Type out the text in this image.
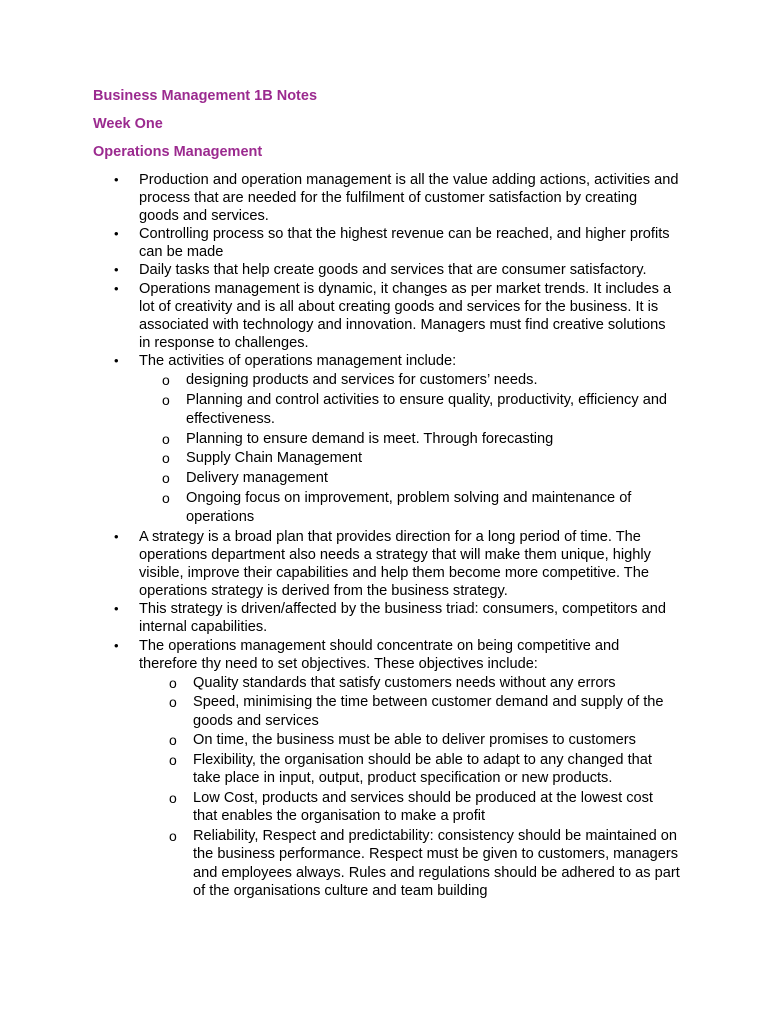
Business Management 1B Notes

Week One

Operations Management

•	Production and operation management is all the value adding actions, activities and process that are needed for the fulfilment of customer satisfaction by creating goods and services.
•	Controlling process so that the highest revenue can be reached, and higher profits can be made
•	Daily tasks that help create goods and services that are consumer satisfactory.
•	Operations management is dynamic, it changes as per market trends. It includes a lot of creativity and is all about creating goods and services for the business. It is associated with technology and innovation. Managers must find creative solutions in response to challenges.
•	The activities of operations management include:
o designing products and services for customers’ needs.
o Planning and control activities to ensure quality, productivity, efficiency and effectiveness.
o Planning to ensure demand is meet. Through forecasting
o Supply Chain Management
o Delivery management
o Ongoing focus on improvement, problem solving and maintenance of operations
•	A strategy is a broad plan that provides direction for a long period of time. The operations department also needs a strategy that will make them unique, highly visible, improve their capabilities and help them become more competitive. The operations strategy is derived from the business strategy.
•	This strategy is driven/affected by the business triad: consumers, competitors and internal capabilities.
•	The operations management should concentrate on being competitive and therefore thy need to set objectives. These objectives include:
o Quality standards that satisfy customers needs without any errors
o Speed, minimising the time between customer demand and supply of the goods and services
o On time, the business must be able to deliver promises to customers
o Flexibility, the organisation should be able to adapt to any changed that take place in input, output, product specification or new products.
o Low Cost, products and services should be produced at the lowest cost that enables the organisation to make a profit
o Reliability, Respect and predictability: consistency should be maintained on the business performance. Respect must be given to customers, managers and employees always. Rules and regulations should be adhered to as part of the organisations culture and team building
